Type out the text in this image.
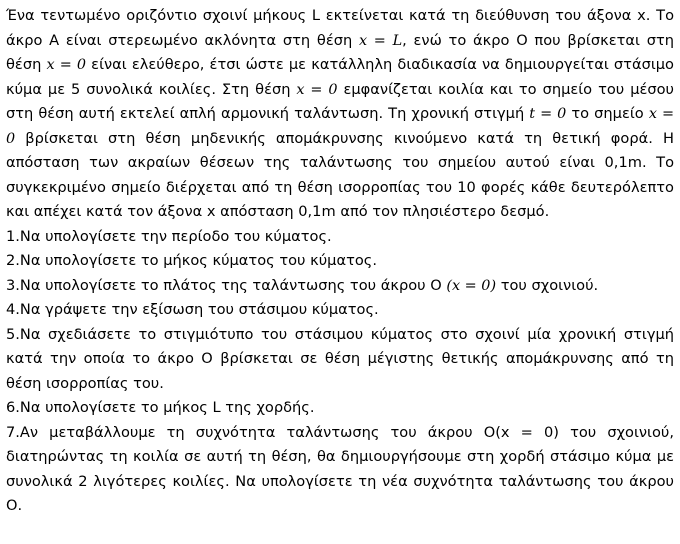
Ένα τεντωμένο οριζόντιο σχοινί μήκους L εκτείνεται κατά τη διεύθυνση του άξονα x. Το άκρο Α είναι στερεωμένο ακλόνητα στη θέση x = L, ενώ το άκρο Ο που βρίσκεται στη θέση x = 0 είναι ελεύθερο, έτσι ώστε με κατάλληλη διαδικασία να δημιουργείται στάσιμο κύμα με 5 συνολικά κοιλίες. Στη θέση x = 0 εμφανίζεται κοιλία και το σημείο του μέσου στη θέση αυτή εκτελεί απλή αρμονική ταλάντωση. Τη χρονική στιγμή t = 0 το σημείο x = 0 βρίσκεται στη θέση μηδενικής απομάκρυνσης κινούμενο κατά τη θετική φορά. Η απόσταση των ακραίων θέσεων της ταλάντωσης του σημείου αυτού είναι 0,1m. Το συγκεκριμένο σημείο διέρχεται από τη θέση ισορροπίας του 10 φορές κάθε δευτερόλεπτο και απέχει κατά τον άξονα x απόσταση 0,1m από τον πλησιέστερο δεσμό.

1.Να υπολογίσετε την περίοδο του κύματος.

2.Να υπολογίσετε το μήκος κύματος του κύματος.

3.Να υπολογίσετε το πλάτος της ταλάντωσης του άκρου Ο (x = 0) του σχοινιού.

4.Να γράψετε την εξίσωση του στάσιμου κύματος.

5.Να σχεδιάσετε το στιγμιότυπο του στάσιμου κύματος στο σχοινί μία χρονική στιγμή κατά την οποία το άκρο Ο βρίσκεται σε θέση μέγιστης θετικής απομάκρυνσης από τη θέση ισορροπίας του.

6.Να υπολογίσετε το μήκος L της χορδής.

7.Αν μεταβάλλουμε τη συχνότητα ταλάντωσης του άκρου Ο(x = 0) του σχοινιού, διατηρώντας τη κοιλία σε αυτή τη θέση, θα δημιουργήσουμε στη χορδή στάσιμο κύμα με συνολικά 2 λιγότερες κοιλίες. Να υπολογίσετε τη νέα συχνότητα ταλάντωσης του άκρου Ο.
